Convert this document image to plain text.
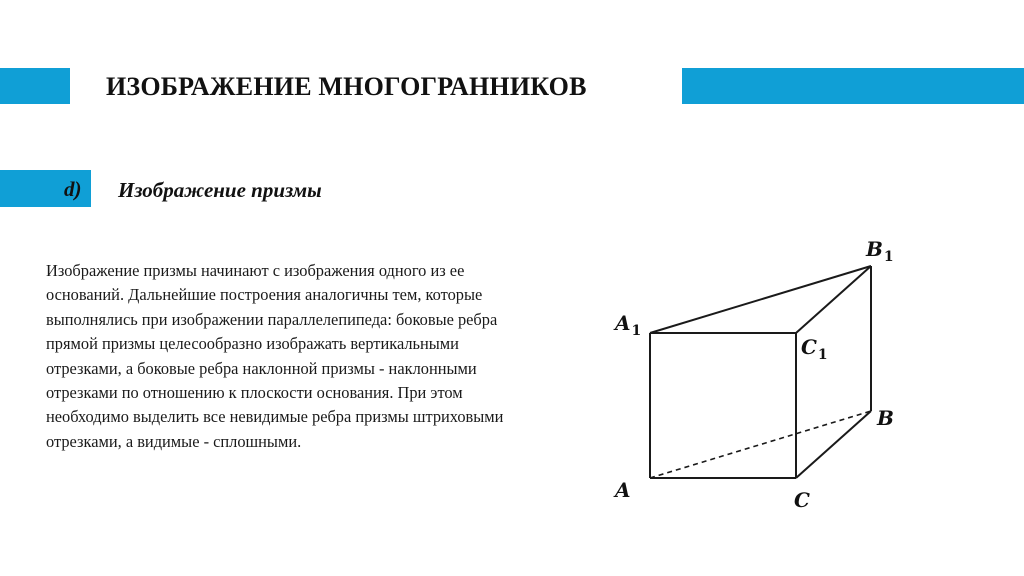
ИЗОБРАЖЕНИЕ МНОГОГРАННИКОВ
d) Изображение призмы

Изображение призмы начинают с изображения одного из ее оснований. Дальнейшие построения аналогичны тем, которые выполнялись при изображении параллелепипеда: боковые ребра прямой призмы целесообразно изображать вертикальными отрезками, а боковые ребра наклонной призмы - наклонными отрезками по отношению к плоскости основания. При этом необходимо выделить все невидимые ребра призмы штриховыми отрезками, а видимые - сплошными.

$B_1$
$A_1$
$C_1$
B
A	C
